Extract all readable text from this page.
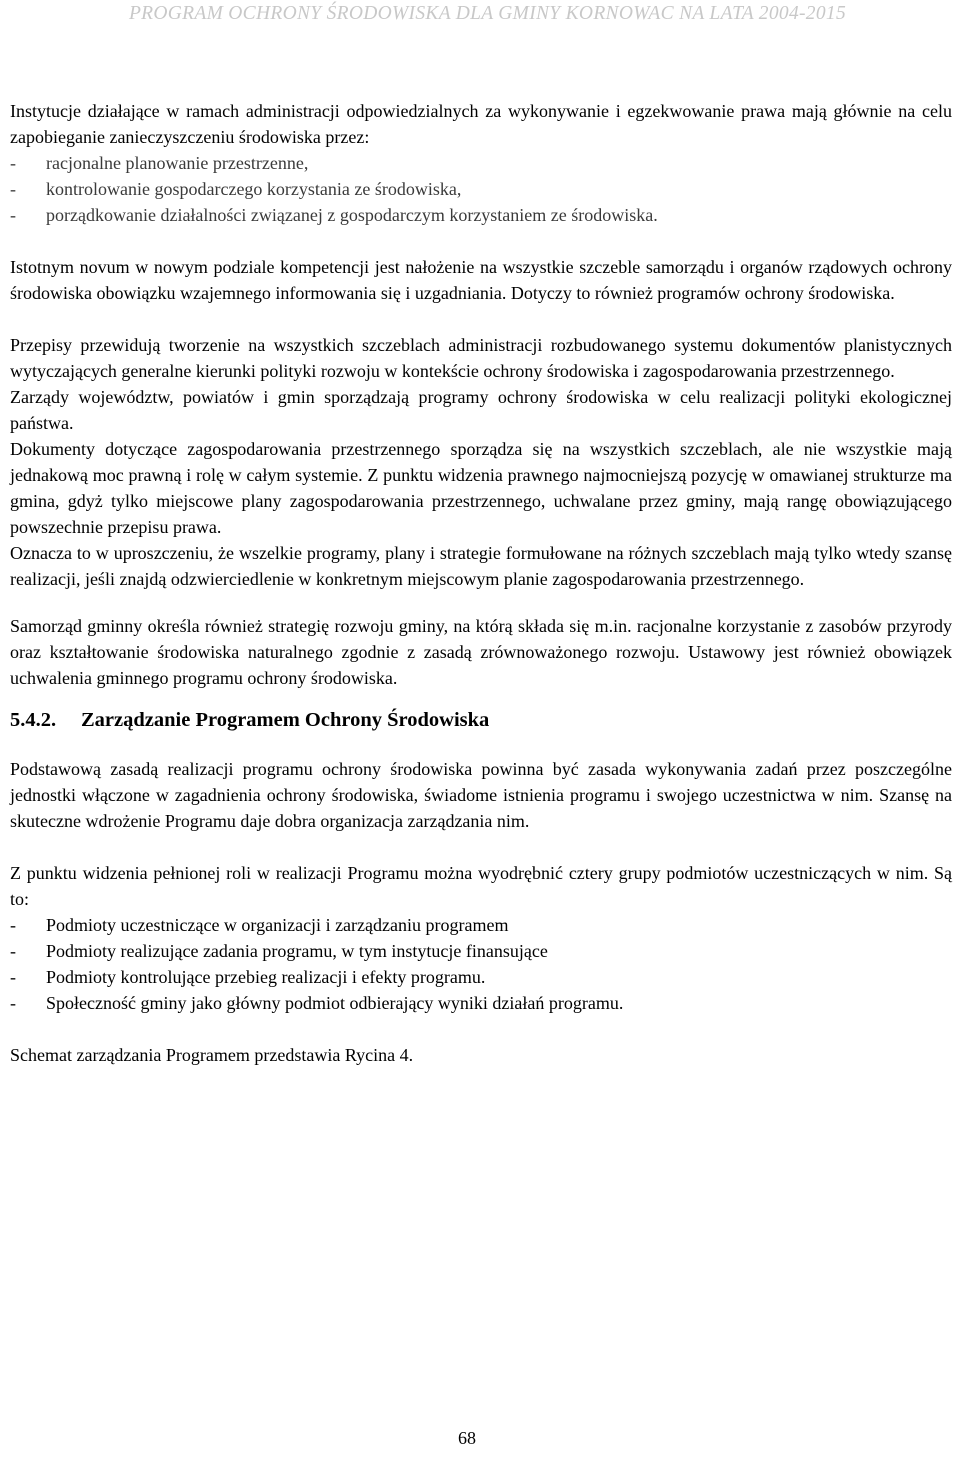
PROGRAM OCHRONY ŚRODOWISKA DLA GMINY KORNOWAC NA LATA 2004-2015

Instytucje działające w ramach administracji odpowiedzialnych za wykonywanie i egzekwowanie prawa mają głównie na celu zapobieganie zanieczyszczeniu środowiska przez:

- racjonalne planowanie przestrzenne,
- kontrolowanie gospodarczego korzystania ze środowiska,
- porządkowanie działalności związanej z gospodarczym korzystaniem ze środowiska.

Istotnym novum w nowym podziale kompetencji jest nałożenie na wszystkie szczeble samorządu i organów rządowych ochrony środowiska obowiązku wzajemnego informowania się i uzgadniania. Dotyczy to również programów ochrony środowiska.

Przepisy przewidują tworzenie na wszystkich szczeblach administracji rozbudowanego systemu dokumentów planistycznych wytyczających generalne kierunki polityki rozwoju w kontekście ochrony środowiska i zagospodarowania przestrzennego.

Zarządy województw, powiatów i gmin sporządzają programy ochrony środowiska w celu realizacji polityki ekologicznej państwa.

Dokumenty dotyczące zagospodarowania przestrzennego sporządza się na wszystkich szczeblach, ale nie wszystkie mają jednakową moc prawną i rolę w całym systemie. Z punktu widzenia prawnego najmocniejszą pozycję w omawianej strukturze ma gmina, gdyż tylko miejscowe plany zagospodarowania przestrzennego, uchwalane przez gminy, mają rangę obowiązującego powszechnie przepisu prawa.

Oznacza to w uproszczeniu, że wszelkie programy, plany i strategie formułowane na różnych szczeblach mają tylko wtedy szansę realizacji, jeśli znajdą odzwierciedlenie w konkretnym miejscowym planie zagospodarowania przestrzennego.

Samorząd gminny określa również strategię rozwoju gminy, na którą składa się m.in. racjonalne korzystanie z zasobów przyrody oraz kształtowanie środowiska naturalnego zgodnie z zasadą zrównoważonego rozwoju. Ustawowy jest również obowiązek uchwalenia gminnego programu ochrony środowiska.

5.4.2. Zarządzanie Programem Ochrony Środowiska

Podstawową zasadą realizacji programu ochrony środowiska powinna być zasada wykonywania zadań przez poszczególne jednostki włączone w zagadnienia ochrony środowiska, świadome istnienia programu i swojego uczestnictwa w nim. Szansę na skuteczne wdrożenie Programu daje dobra organizacja zarządzania nim.

Z punktu widzenia pełnionej roli w realizacji Programu można wyodrębnić cztery grupy podmiotów uczestniczących w nim. Są to:

- Podmioty uczestniczące w organizacji i zarządzaniu programem
- Podmioty realizujące zadania programu, w tym instytucje finansujące
- Podmioty kontrolujące przebieg realizacji i efekty programu.
- Społeczność gminy jako główny podmiot odbierający wyniki działań programu.

Schemat zarządzania Programem przedstawia Rycina 4.

68
